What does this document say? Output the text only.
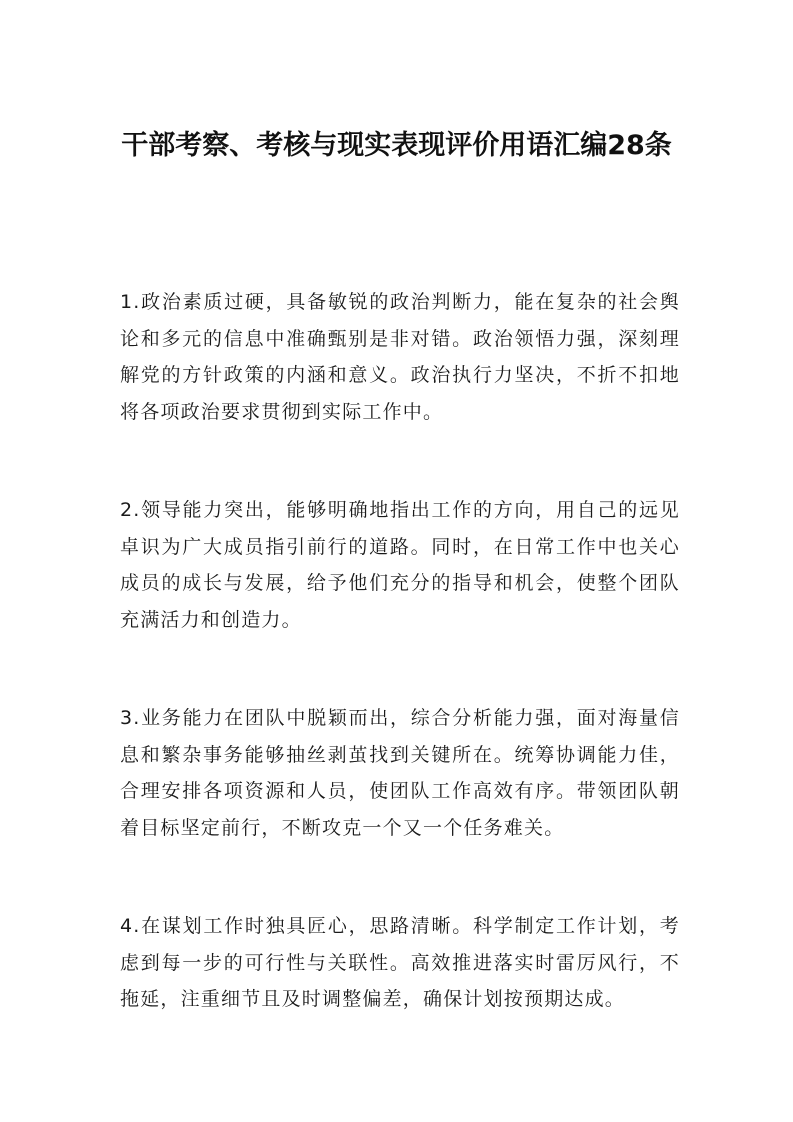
干部考察、考核与现实表现评价用语汇编28条
1.政治素质过硬，具备敏锐的政治判断力，能在复杂的社会舆论和多元的信息中准确甄别是非对错。政治领悟力强，深刻理解党的方针政策的内涵和意义。政治执行力坚决，不折不扣地将各项政治要求贯彻到实际工作中。
2.领导能力突出，能够明确地指出工作的方向，用自己的远见卓识为广大成员指引前行的道路。同时，在日常工作中也关心成员的成长与发展，给予他们充分的指导和机会，使整个团队充满活力和创造力。
3.业务能力在团队中脱颖而出，综合分析能力强，面对海量信息和繁杂事务能够抽丝剥茧找到关键所在。统筹协调能力佳，合理安排各项资源和人员，使团队工作高效有序。带领团队朝着目标坚定前行，不断攻克一个又一个任务难关。
4.在谋划工作时独具匠心，思路清晰。科学制定工作计划，考虑到每一步的可行性与关联性。高效推进落实时雷厉风行，不拖延，注重细节且及时调整偏差，确保计划按预期达成。
